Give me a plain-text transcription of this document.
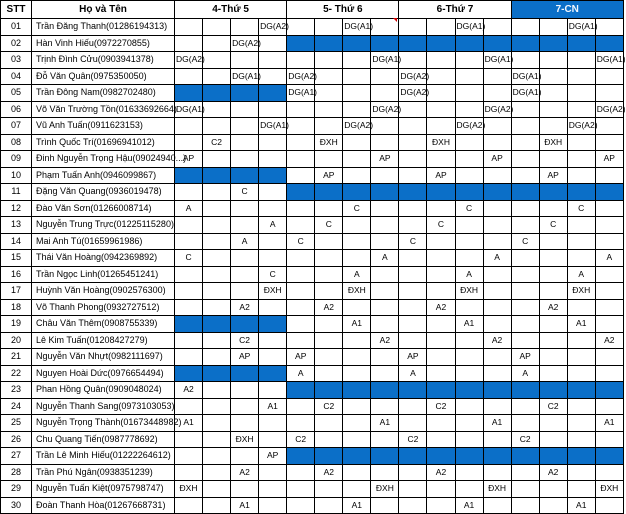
STT	Họ và Tên	4-Thứ 5				5- Thứ 6				6-Thứ 7				7-CN			
01	Trần Đăng Thanh(01286194313)				DG(A2)			DG(A1)				DG(A1)				DG(A1)	
02	Hàn Vinh Hiếu(0972270855)			DG(A2)													
03	Trịnh Đình Cửu(0903941378)	DG(A2)							DG(A1)				DG(A1)				DG(A1)
04	Đỗ Văn Quân(0975350050)			DG(A1)		DG(A2)				DG(A2)				DG(A1)			
05	Trần Đông Nam(0982702480)					DG(A1)				DG(A2)				DG(A1)			
06	Võ Văn Trường Tồn(01633692664)	DG(A1)							DG(A2)				DG(A2)				DG(A2)
07	Vũ Anh Tuấn(0911623153)				DG(A1)			DG(A2)				DG(A2)				DG(A2)	
08	Trình Quốc Trí(01696941012)		C2				ĐXH				ĐXH				ĐXH		
09	Đinh Nguyễn Trọng Hậu(09024940...)	AP							AP				AP				AP
10	Phạm Tuấn Anh(0946099867)						AP				AP				AP		
11	Đặng Văn Quang(0936019478)			C													
12	Đào Văn Sơn(01266008714)	A						C				C				C	
13	Nguyễn Trung Trực(01225115280)				A		C				C				C		
14	Mai Anh Tú(01659961986)			A		C				C				C			
15	Thái Văn Hoàng(0942369892)	C							A				A				A
16	Trần Ngọc Linh(01265451241)				C			A				A				A	
17	Huỳnh Văn Hoàng(0902576300)				ĐXH			ĐXH				ĐXH				ĐXH	
18	Võ Thanh Phong(0932727512)			A2			A2				A2				A2		
19	Châu Văn Thêm(0908755339)							A1				A1				A1	
20	Lê Kim Tuấn(01208427279)			C2					A2				A2				A2
21	Nguyễn Văn Nhựt(0982111697)			AP		AP				AP				AP			
22	Nguyen Hoài Dức(0976654494)					A				A				A			
23	Phan Hồng Quân(0909048024)	A2															
24	Nguyễn Thanh Sang(0973103053)				A1		C2				C2				C2		
25	Nguyễn Trọng Thành(01673448982)	A1							A1				A1				A1
26	Chu Quang Tiến(0987778692)			ĐXH		C2				C2				C2			
27	Trần Lê Minh Hiếu(01222264612)				AP												
28	Trần Phú Ngân(0938351239)			A2			A2				A2				A2		
29	Nguyễn Tuấn Kiệt(0975798747)	ĐXH							ĐXH				ĐXH				ĐXH
30	Đoàn Thanh Hòa(01267668731)			A1				A1				A1				A1	
